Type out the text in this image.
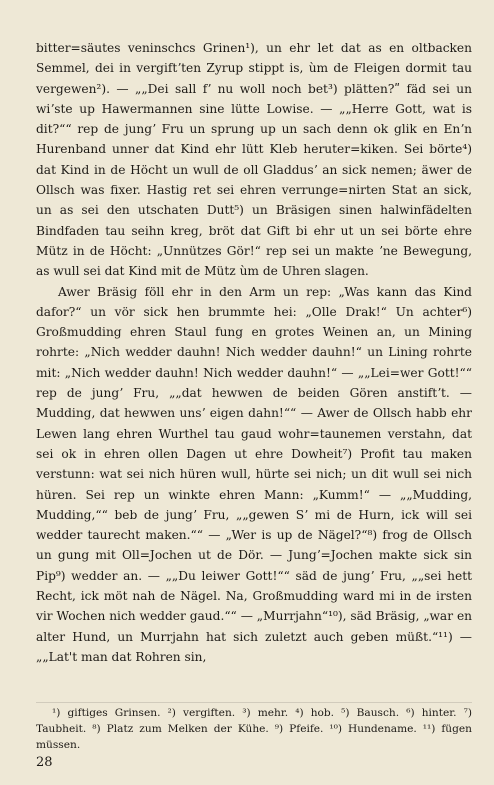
bitter=säutes veninschcs Grinen¹), un ehr let dat as en oltbacken Semmel, dei in vergiftʼten Zyrup stippt is, ùm de Fleigen dormit tau vergewen²). — „„Dei sall fʼ nu woll noch bet³) plätten?ʺ fäd sei un wiʼste up Hawermannen sine lütte Lowise. — „„Herre Gott, wat is dit?““ rep de jungʼ Fru un sprung up un sach denn ok glik en Enʼn Hurenband unner dat Kind ehr lütt Kleb heruter=kiken. Sei börte⁴) dat Kind in de Höcht un wull de oll Gladdusʼ an sick nemen; äwer de Ollsch was fixer. Hastig ret sei ehren verrunge=nirten Stat an sick, un as sei den utschaten Dutt⁵) un Bräsigen sinen halwinfädelten Bindfaden tau seihn kreg, bröt dat Gift bi ehr ut un sei börte ehre Mütz in de Höcht: „Unnützes Gör!“ rep sei un makte ʼne Bewegung, as wull sei dat Kind mit de Mütz ùm de Uhren slagen.

Awer Bräsig föll ehr in den Arm un rep: „Was kann das Kind dafor?“ un vör sick hen brummte hei: „Olle Drak!“ Un achter⁶) Großmudding ehren Staul fung en grotes Weinen an, un Mining rohrte: „Nich wedder dauhn! Nich wedder dauhn!“ un Lining rohrte mit: „Nich wedder dauhn! Nich wedder dauhn!“ — „„Lei=wer Gott!““ rep de jungʼ Fru, „„dat hewwen de beiden Gören anstiftʼt. — Mudding, dat hewwen unsʼ eigen dahn!““ — Awer de Ollsch habb ehr Lewen lang ehren Wurthel tau gaud wohr=taunemen verstahn, dat sei ok in ehren ollen Dagen ut ehre Dowheit⁷) Profit tau maken verstunn: wat sei nich hüren wull, hürte sei nich; un dit wull sei nich hüren. Sei rep un winkte ehren Mann: „Kumm!“ — „„Mudding, Mudding,““ beb de jungʼ Fru, „„gewen Sʼ mi de Hurn, ick will sei wedder taurecht maken.““ — „Wer is up de Nägel?“⁸) frog de Ollsch un gung mit Oll=Jochen ut de Dör. — Jungʼ=Jochen makte sick sin Pip⁹) wedder an. — „„Du leiwer Gott!““ säd de jungʼ Fru, „„sei hett Recht, ick möt nah de Nägel. Na, Großmudding ward mi in de irsten vir Wochen nich wedder gaud.““ — „Murrjahn“¹⁰), säd Bräsig, „war en alter Hund, un Murrjahn hat sich zuletzt auch geben müßt.“¹¹) — „„Lat't man dat Rohren sin,

¹) giftiges Grinsen. ²) vergiften. ³) mehr. ⁴) hob. ⁵) Bausch. ⁶) hinter. ⁷) Taubheit. ⁸) Platz zum Melken der Kühe. ⁹) Pfeife. ¹⁰) Hundename. ¹¹) fügen müssen.

28
